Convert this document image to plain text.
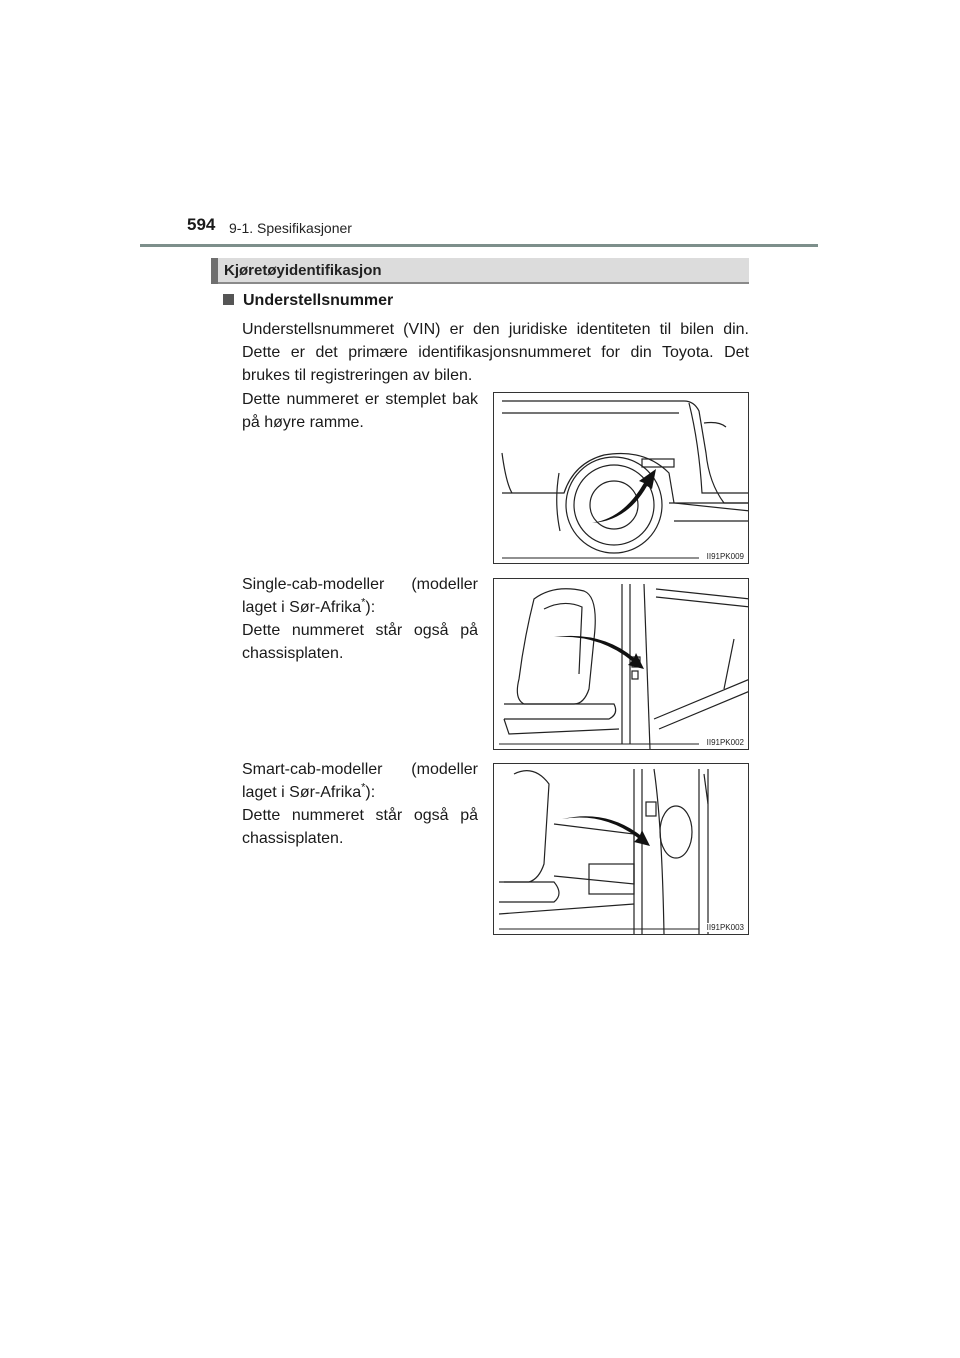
594 9-1. Spesifikasjoner
Kjøretøyidentifikasjon
Understellsnummer
Understellsnummeret (VIN) er den juridiske identiteten til bilen din. Dette er det primære identifikasjonsnummeret for din Toyota. Det brukes til registreringen av bilen.
Dette nummeret er stemplet bak på høyre ramme.
II91PK009
Single-cab-modeller (modeller laget i Sør-Afrika*):
Dette nummeret står også på chassisplaten.
II91PK002
Smart-cab-modeller (modeller laget i Sør-Afrika*):
Dette nummeret står også på chassisplaten.
II91PK003
